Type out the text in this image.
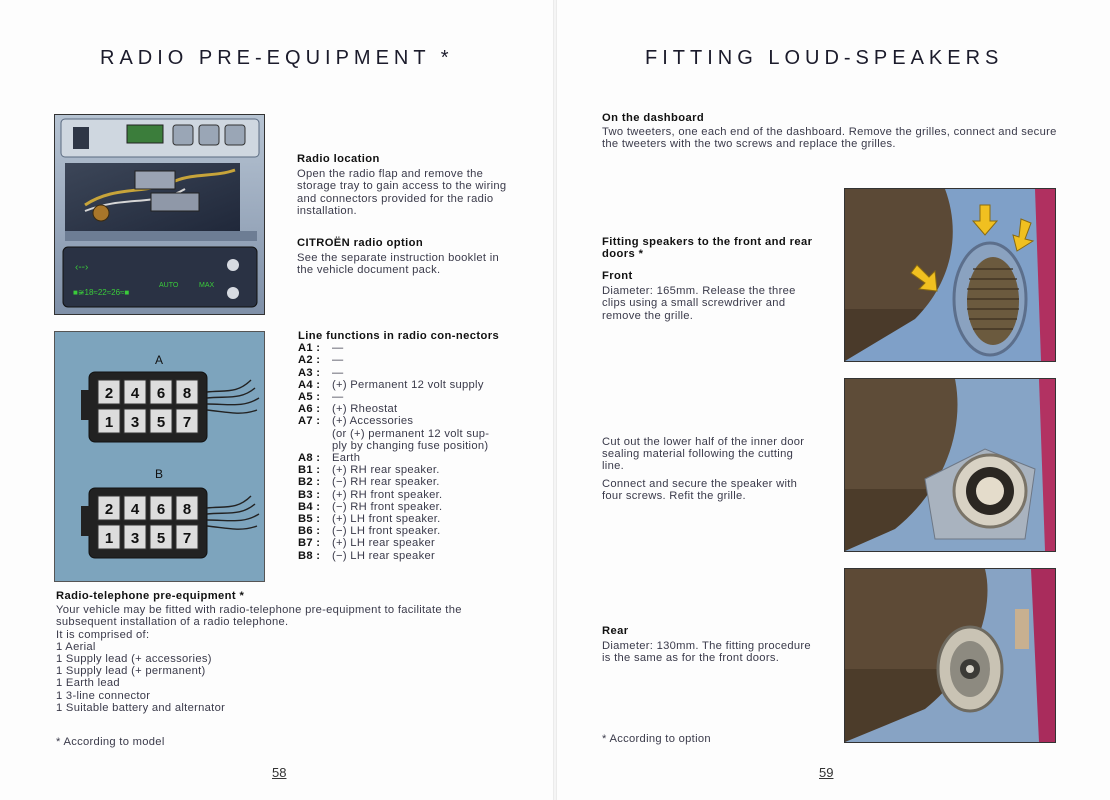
RADIO PRE-EQUIPMENT *
‹--›
■≆18≈22≈26≈■
AUTO	MAX
Radio location
Open the radio flap and remove the storage tray to gain access to the wiring and connectors provided for the radio installation.
CITROËN radio option
See the separate instruction booklet in the vehicle document pack.
A
2 4 6 8
1 3 5 7
B
2 4 6 8
1 3 5 7
Line functions in radio con-nectors
A1 :	—
A2 :	—
A3 :	—
A4 :	(+) Permanent 12 volt supply
A5 :	—
A6 :	(+) Rheostat
A7 :	(+) Accessories
(or (+) permanent 12 volt sup-
ply by changing fuse position)
A8 :	Earth
B1 :	(+) RH rear speaker.
B2 :	(−) RH rear speaker.
B3 :	(+) RH front speaker.
B4 :	(−) RH front speaker.
B5 :	(+) LH front speaker.
B6 :	(−) LH front speaker.
B7 :	(+) LH rear speaker
B8 :	(−) LH rear speaker
Radio-telephone pre-equipment *
Your vehicle may be fitted with radio-telephone pre-equipment to facilitate the subsequent installation of a radio telephone.
It is comprised of:
1 Aerial
1 Supply lead (+ accessories)
1 Supply lead (+ permanent)
1 Earth lead
1 3-line connector
1 Suitable battery and alternator
* According to model
58
FITTING LOUD-SPEAKERS
On the dashboard
Two tweeters, one each end of the dashboard. Remove the grilles, connect and secure the tweeters with the two screws and replace the grilles.
Fitting speakers to the front and rear doors *
Front
Diameter: 165mm. Release the three clips using a small screwdriver and remove the grille.
Cut out the lower half of the inner door sealing material following the cutting line.
Connect and secure the speaker with four screws. Refit the grille.
Rear
Diameter: 130mm. The fitting procedure is the same as for the front doors.
* According to option
59
